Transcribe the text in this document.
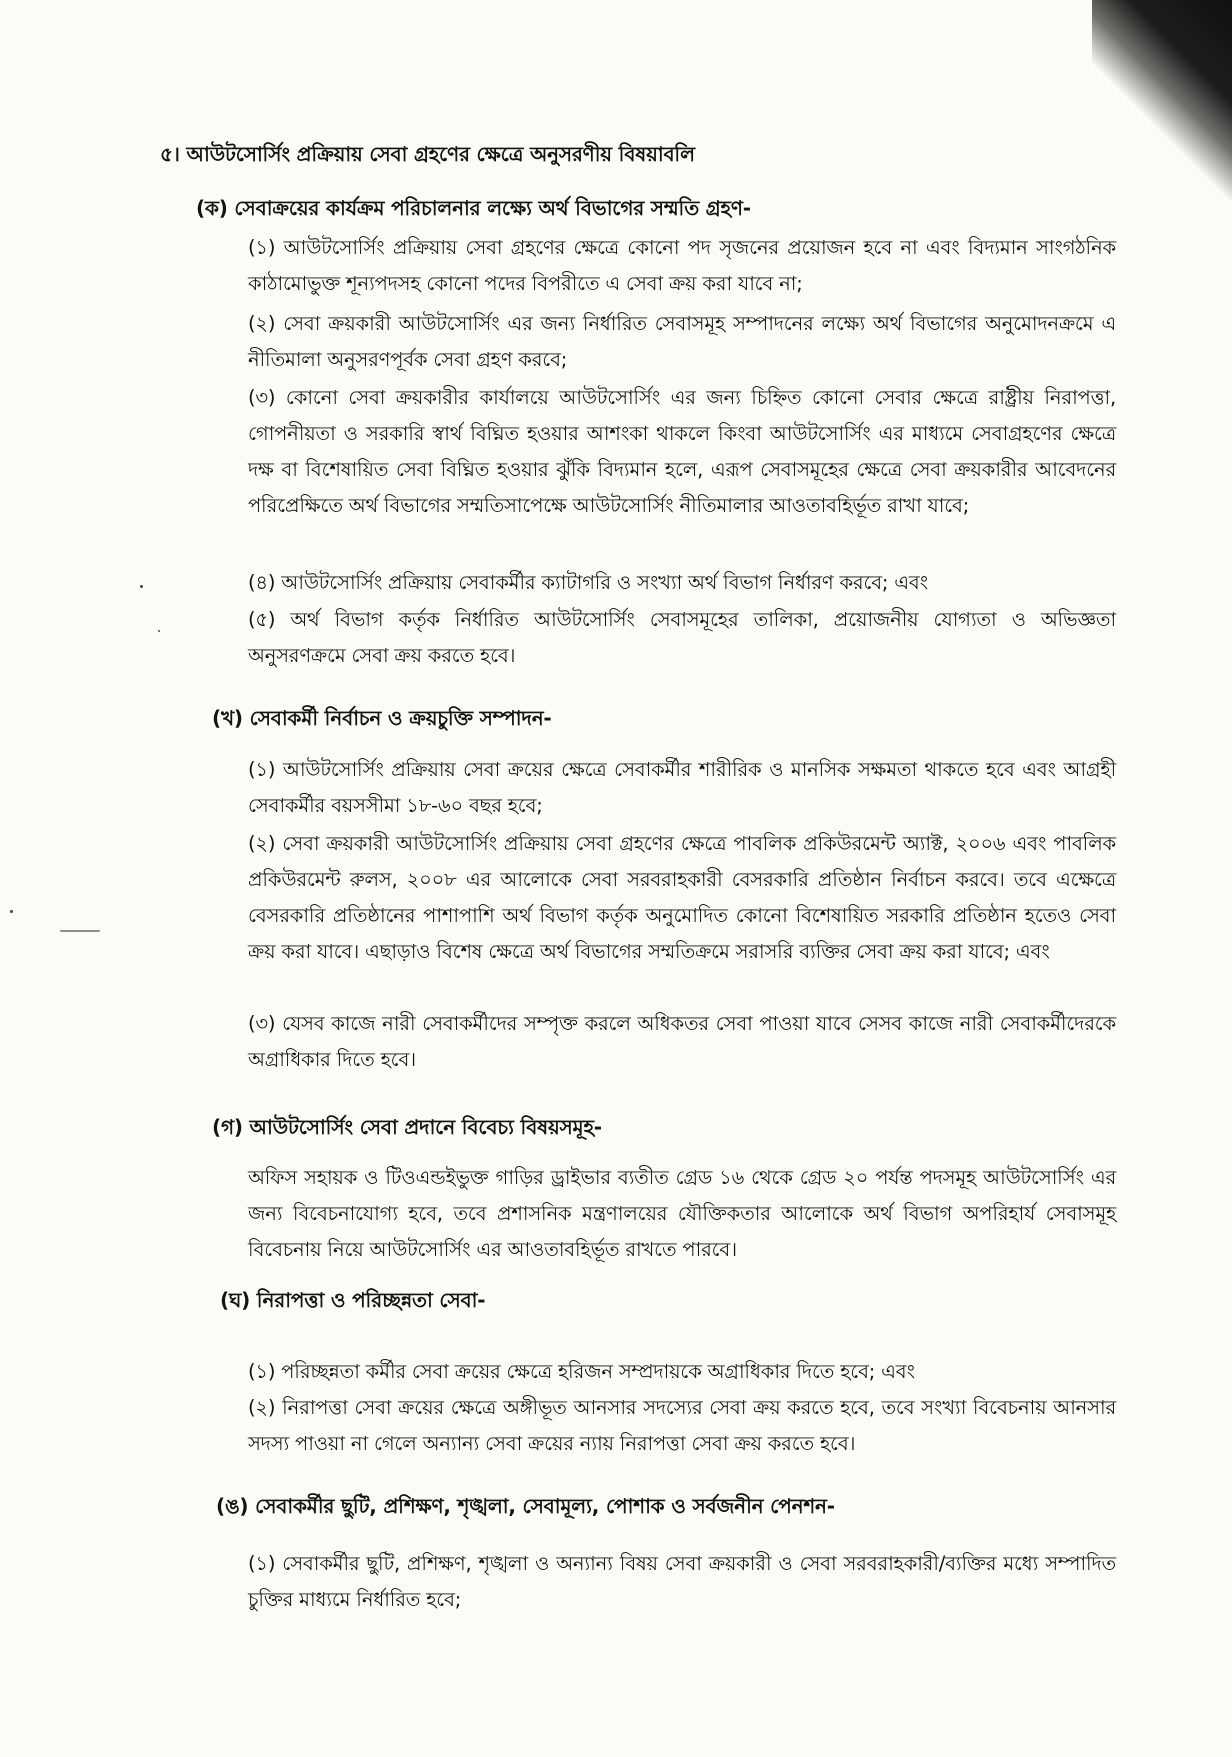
৫। আউটসোর্সিং প্রক্রিয়ায় সেবা গ্রহণের ক্ষেত্রে অনুসরণীয় বিষয়াবলি
(ক) সেবাক্রয়ের কার্যক্রম পরিচালনার লক্ষ্যে অর্থ বিভাগের সম্মতি গ্রহণ-
(১) আউটসোর্সিং প্রক্রিয়ায় সেবা গ্রহণের ক্ষেত্রে কোনো পদ সৃজনের প্রয়োজন হবে না এবং বিদ্যমান সাংগঠনিক কাঠামোভুক্ত শূন্যপদসহ কোনো পদের বিপরীতে এ সেবা ক্রয় করা যাবে না;
(২) সেবা ক্রয়কারী আউটসোর্সিং এর জন্য নির্ধারিত সেবাসমূহ সম্পাদনের লক্ষ্যে অর্থ বিভাগের অনুমোদনক্রমে এ নীতিমালা অনুসরণপূর্বক সেবা গ্রহণ করবে;
(৩) কোনো সেবা ক্রয়কারীর কার্যালয়ে আউটসোর্সিং এর জন্য চিহ্নিত কোনো সেবার ক্ষেত্রে রাষ্ট্রীয় নিরাপত্তা, গোপনীয়তা ও সরকারি স্বার্থ বিঘ্নিত হওয়ার আশংকা থাকলে কিংবা আউটসোর্সিং এর মাধ্যমে সেবাগ্রহণের ক্ষেত্রে দক্ষ বা বিশেষায়িত সেবা বিঘ্নিত হওয়ার ঝুঁকি বিদ্যমান হলে, এরূপ সেবাসমূহের ক্ষেত্রে সেবা ক্রয়কারীর আবেদনের পরিপ্রেক্ষিতে অর্থ বিভাগের সম্মতিসাপেক্ষে আউটসোর্সিং নীতিমালার আওতাবহির্ভূত রাখা যাবে;
(৪) আউটসোর্সিং প্রক্রিয়ায় সেবাকর্মীর ক্যাটাগরি ও সংখ্যা অর্থ বিভাগ নির্ধারণ করবে; এবং
(৫) অর্থ বিভাগ কর্তৃক নির্ধারিত আউটসোর্সিং সেবাসমূহের তালিকা, প্রয়োজনীয় যোগ্যতা ও অভিজ্ঞতা অনুসরণক্রমে সেবা ক্রয় করতে হবে।
(খ) সেবাকর্মী নির্বাচন ও ক্রয়চুক্তি সম্পাদন-
(১) আউটসোর্সিং প্রক্রিয়ায় সেবা ক্রয়ের ক্ষেত্রে সেবাকর্মীর শারীরিক ও মানসিক সক্ষমতা থাকতে হবে এবং আগ্রহী সেবাকর্মীর বয়সসীমা ১৮-৬০ বছর হবে;
(২) সেবা ক্রয়কারী আউটসোর্সিং প্রক্রিয়ায় সেবা গ্রহণের ক্ষেত্রে পাবলিক প্রকিউরমেন্ট অ্যাক্ট, ২০০৬ এবং পাবলিক প্রকিউরমেন্ট রুলস, ২০০৮ এর আলোকে সেবা সরবরাহকারী বেসরকারি প্রতিষ্ঠান নির্বাচন করবে। তবে এক্ষেত্রে বেসরকারি প্রতিষ্ঠানের পাশাপাশি অর্থ বিভাগ কর্তৃক অনুমোদিত কোনো বিশেষায়িত সরকারি প্রতিষ্ঠান হতেও সেবা ক্রয় করা যাবে। এছাড়াও বিশেষ ক্ষেত্রে অর্থ বিভাগের সম্মতিক্রমে সরাসরি ব্যক্তির সেবা ক্রয় করা যাবে; এবং
(৩) যেসব কাজে নারী সেবাকর্মীদের সম্পৃক্ত করলে অধিকতর সেবা পাওয়া যাবে সেসব কাজে নারী সেবাকর্মীদেরকে অগ্রাধিকার দিতে হবে।
(গ) আউটসোর্সিং সেবা প্রদানে বিবেচ্য বিষয়সমূহ-
অফিস সহায়ক ও টিওএন্ডইভুক্ত গাড়ির ড্রাইভার ব্যতীত গ্রেড ১৬ থেকে গ্রেড ২০ পর্যন্ত পদসমূহ আউটসোর্সিং এর জন্য বিবেচনাযোগ্য হবে, তবে প্রশাসনিক মন্ত্রণালয়ের যৌক্তিকতার আলোকে অর্থ বিভাগ অপরিহার্য সেবাসমূহ বিবেচনায় নিয়ে আউটসোর্সিং এর আওতাবহির্ভূত রাখতে পারবে।
(ঘ) নিরাপত্তা ও পরিচ্ছন্নতা সেবা-
(১) পরিচ্ছন্নতা কর্মীর সেবা ক্রয়ের ক্ষেত্রে হরিজন সম্প্রদায়কে অগ্রাধিকার দিতে হবে; এবং
(২) নিরাপত্তা সেবা ক্রয়ের ক্ষেত্রে অঙ্গীভূত আনসার সদস্যের সেবা ক্রয় করতে হবে, তবে সংখ্যা বিবেচনায় আনসার সদস্য পাওয়া না গেলে অন্যান্য সেবা ক্রয়ের ন্যায় নিরাপত্তা সেবা ক্রয় করতে হবে।
(ঙ) সেবাকর্মীর ছুটি, প্রশিক্ষণ, শৃঙ্খলা, সেবামূল্য, পোশাক ও সর্বজনীন পেনশন-
(১) সেবাকর্মীর ছুটি, প্রশিক্ষণ, শৃঙ্খলা ও অন্যান্য বিষয় সেবা ক্রয়কারী ও সেবা সরবরাহকারী/ব্যক্তির মধ্যে সম্পাদিত চুক্তির মাধ্যমে নির্ধারিত হবে;
